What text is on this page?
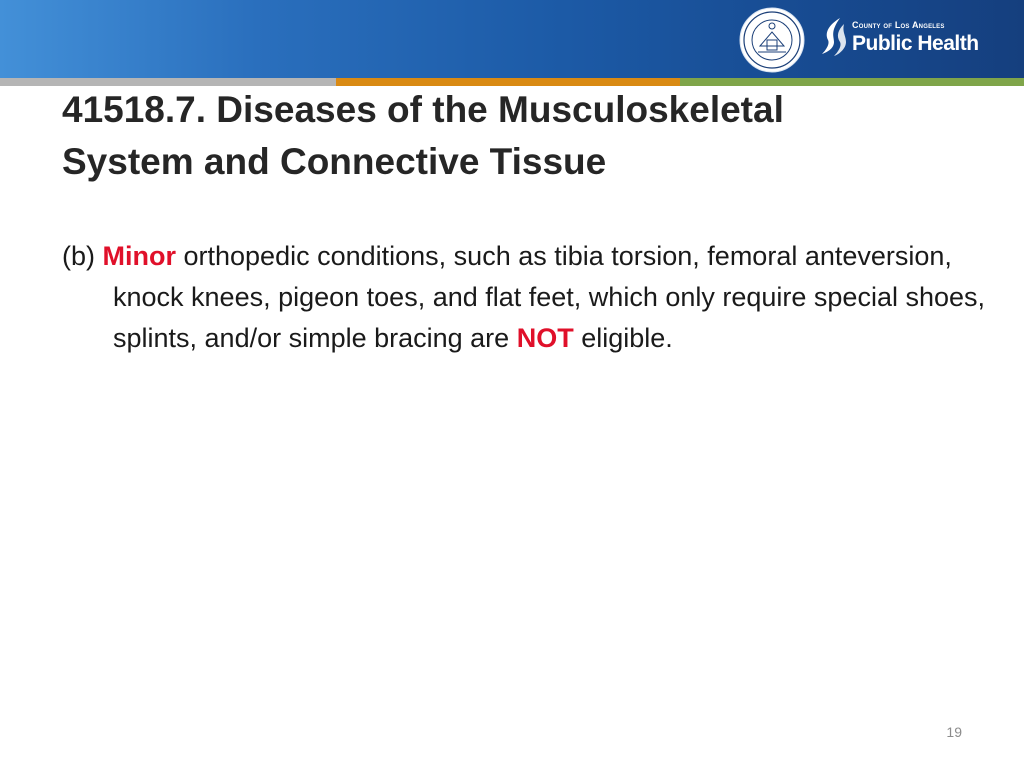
County of Los Angeles
Public Health
41518.7. Diseases of the Musculoskeletal
System and Connective Tissue

(b) Minor orthopedic conditions, such as tibia torsion, femoral anteversion, knock knees, pigeon toes, and flat feet, which only require special shoes, splints, and/or simple bracing are NOT eligible.

19
